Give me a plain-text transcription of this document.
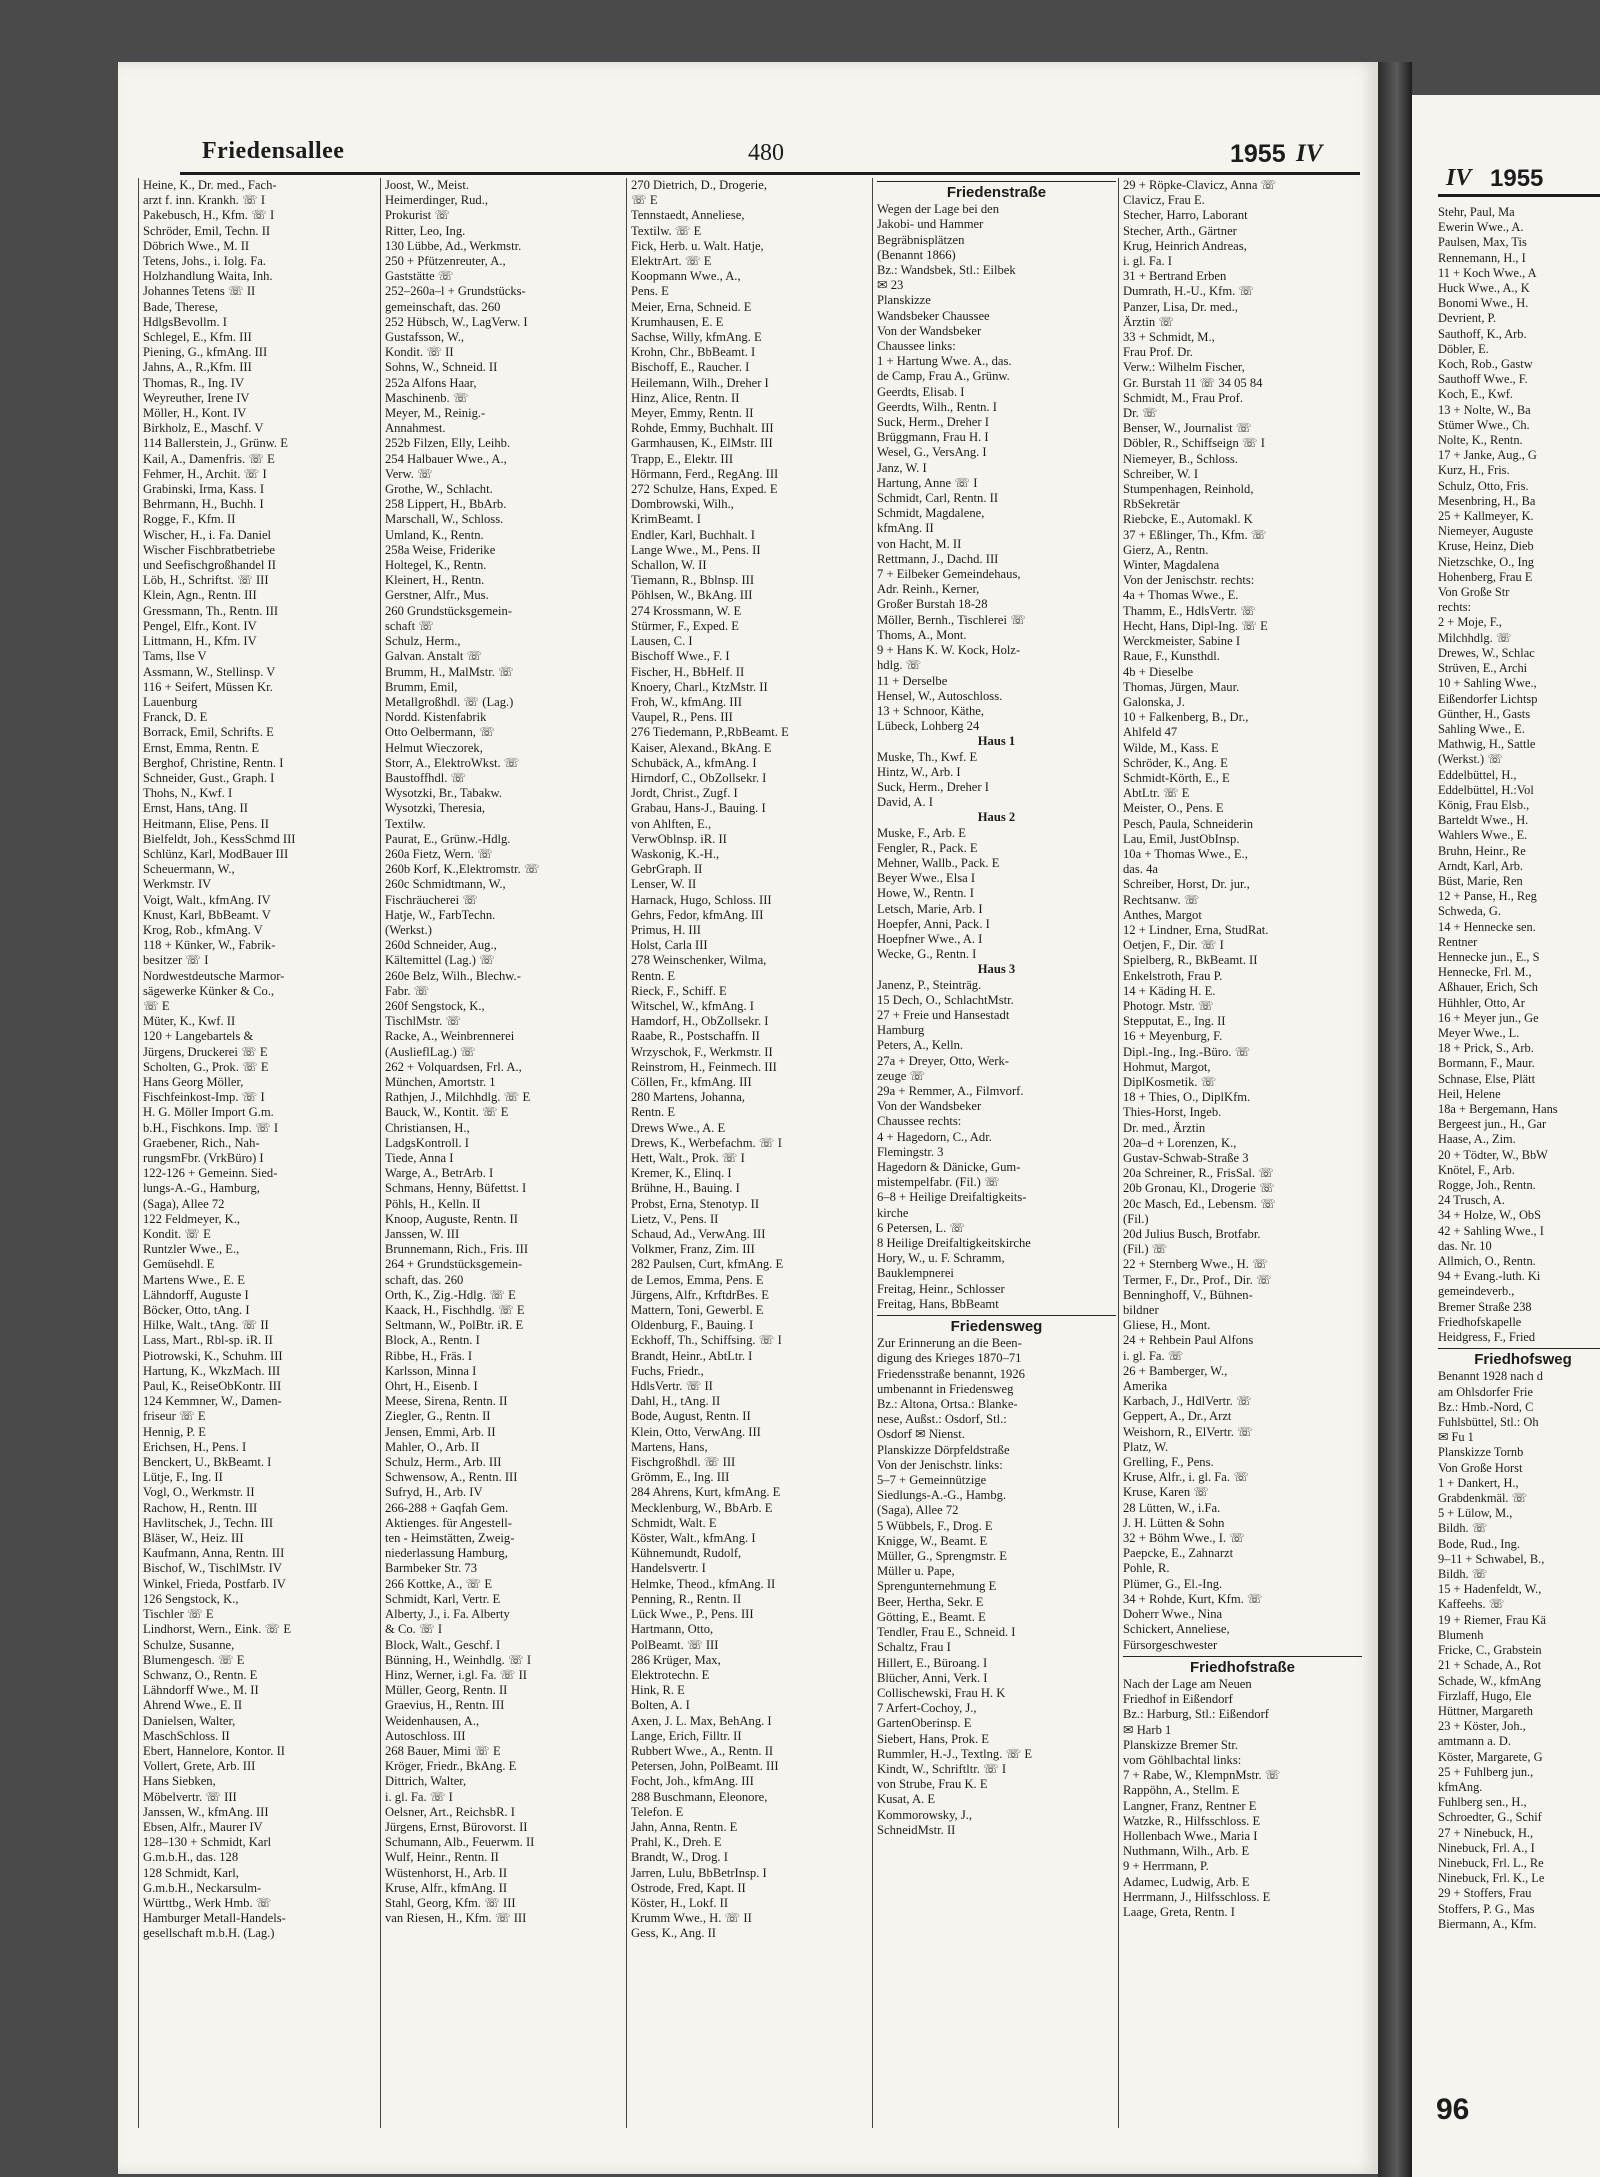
Friedensallee	480	1955 IV
Heine, K., Dr. med., Fach-
arzt f. inn. Krankh. ☏ I
Pakebusch, H., Kfm. ☏ I
Schröder, Emil, Techn. II
Döbrich Wwe., M. II
Tetens, Johs., i. Iolg. Fa.
Holzhandlung Waita, Inh.
Johannes Tetens ☏ II
Bade, Therese,
HdlgsBevollm. I
Schlegel, E., Kfm. III
Piening, G., kfmAng. III
Jahns, A., R.,Kfm. III
Thomas, R., Ing. IV
Weyreuther, Irene IV
Möller, H., Kont. IV
Birkholz, E., Maschf. V
114 Ballerstein, J., Grünw. E
Kail, A., Damenfris. ☏ E
Fehmer, H., Archit. ☏ I
Grabinski, Irma, Kass. I
Behrmann, H., Buchh. I
Rogge, F., Kfm. II
Wischer, H., i. Fa. Daniel
Wischer Fischbratbetriebe
und Seefischgroßhandel II
Löb, H., Schriftst. ☏ III
Klein, Agn., Rentn. III
Gressmann, Th., Rentn. III
Pengel, Elfr., Kont. IV
Littmann, H., Kfm. IV
Tams, Ilse V
Assmann, W., Stellinsp. V
116 + Seifert, Müssen Kr.
Lauenburg
Franck, D. E
Borrack, Emil, Schrifts. E
Ernst, Emma, Rentn. E
Berghof, Christine, Rentn. I
Schneider, Gust., Graph. I
Thohs, N., Kwf. I
Ernst, Hans, tAng. II
Heitmann, Elise, Pens. II
Bielfeldt, Joh., KessSchmd III
Schlünz, Karl, ModBauer III
Scheuermann, W.,
Werkmstr. IV
Voigt, Walt., kfmAng. IV
Knust, Karl, BbBeamt. V
Krog, Rob., kfmAng. V
118 + Künker, W., Fabrik-
besitzer ☏ I
Nordwestdeutsche Marmor-
sägewerke Künker & Co.,
☏ E
Müter, K., Kwf. II
120 + Langebartels &
Jürgens, Druckerei ☏ E
Scholten, G., Prok. ☏ E
Hans Georg Möller,
Fischfeinkost-Imp. ☏ I
H. G. Möller Import G.m.
b.H., Fischkons. Imp. ☏ I
Graebener, Rich., Nah-
rungsmFbr. (VrkBüro) I
122-126 + Gemeinn. Sied-
lungs-A.-G., Hamburg,
(Saga), Allee 72
122 Feldmeyer, K.,
Kondit. ☏ E
Runtzler Wwe., E.,
Gemüsehdl. E
Martens Wwe., E. E
Lähndorff, Auguste I
Böcker, Otto, tAng. I
Hilke, Walt., tAng. ☏ II
Lass, Mart., Rbl-sp. iR. II
Piotrowski, K., Schuhm. III
Hartung, K., WkzMach. III
Paul, K., ReiseObKontr. III
124 Kemmner, W., Damen-
friseur ☏ E
Hennig, P. E
Erichsen, H., Pens. I
Benckert, U., BkBeamt. I
Lütje, F., Ing. II
Vogl, O., Werkmstr. II
Rachow, H., Rentn. III
Havlitschek, J., Techn. III
Bläser, W., Heiz. III
Kaufmann, Anna, Rentn. III
Bischof, W., TischlMstr. IV
Winkel, Frieda, Postfarb. IV
126 Sengstock, K.,
Tischler ☏ E
Lindhorst, Wern., Eink. ☏ E
Schulze, Susanne,
Blumengesch. ☏ E
Schwanz, O., Rentn. E
Lähndorff Wwe., M. II
Ahrend Wwe., E. II
Danielsen, Walter,
MaschSchloss. II
Ebert, Hannelore, Kontor. II
Vollert, Grete, Arb. III
Hans Siebken,
Möbelvertr. ☏ III
Janssen, W., kfmAng. III
Ebsen, Alfr., Maurer IV
128–130 + Schmidt, Karl
G.m.b.H., das. 128
128 Schmidt, Karl,
G.m.b.H., Neckarsulm-
Württbg., Werk Hmb. ☏
Hamburger Metall-Handels-
gesellschaft m.b.H. (Lag.)
Joost, W., Meist.
Heimerdinger, Rud.,
Prokurist ☏
Ritter, Leo, Ing.
130 Lübbe, Ad., Werkmstr.
250 + Pfützenreuter, A.,
Gaststätte ☏
252–260a–l + Grundstücks-
gemeinschaft, das. 260
252 Hübsch, W., LagVerw. I
Gustafsson, W.,
Kondit. ☏ II
Sohns, W., Schneid. II
252a Alfons Haar,
Maschinenb. ☏
Meyer, M., Reinig.-
Annahmest.
252b Filzen, Elly, Leihb.
254 Halbauer Wwe., A.,
Verw. ☏
Grothe, W., Schlacht.
258 Lippert, H., BbArb.
Marschall, W., Schloss.
Umland, K., Rentn.
258a Weise, Friderike
Holtegel, K., Rentn.
Kleinert, H., Rentn.
Gerstner, Alfr., Mus.
260 Grundstücksgemein-
schaft ☏
Schulz, Herm.,
Galvan. Anstalt ☏
Brumm, H., MalMstr. ☏
Brumm, Emil,
Metallgroßhdl. ☏ (Lag.)
Nordd. Kistenfabrik
Otto Oelbermann, ☏
Helmut Wieczorek,
Storr, A., ElektroWkst. ☏
Baustoffhdl. ☏
Wysotzki, Br., Tabakw.
Wysotzki, Theresia,
Textilw.
Paurat, E., Grünw.-Hdlg.
260a Fietz, Wern. ☏
260b Korf, K.,Elektromstr. ☏
260c Schmidtmann, W.,
Fischräucherei ☏
Hatje, W., FarbTechn.
(Werkst.)
260d Schneider, Aug.,
Kältemittel (Lag.) ☏
260e Belz, Wilh., Blechw.-
Fabr. ☏
260f Sengstock, K.,
TischlMstr. ☏
Racke, A., Weinbrennerei
(AuslieflLag.) ☏
262 + Volquardsen, Frl. A.,
München, Amortstr. 1
Rathjen, J., Milchhdlg. ☏ E
Bauck, W., Kontit. ☏ E
Christiansen, H.,
LadgsKontroll. I
Tiede, Anna I
Warge, A., BetrArb. I
Schmans, Henny, Büfettst. I
Pöhls, H., Kelln. II
Knoop, Auguste, Rentn. II
Janssen, W. III
Brunnemann, Rich., Fris. III
264 + Grundstücksgemein-
schaft, das. 260
Orth, K., Zig.-Hdlg. ☏ E
Kaack, H., Fischhdlg. ☏ E
Seltmann, W., PolBtr. iR. E
Block, A., Rentn. I
Ribbe, H., Fräs. I
Karlsson, Minna I
Ohrt, H., Eisenb. I
Meese, Sirena, Rentn. II
Ziegler, G., Rentn. II
Jensen, Emmi, Arb. II
Mahler, O., Arb. II
Schulz, Herm., Arb. III
Schwensow, A., Rentn. III
Sufryd, H., Arb. IV
266-288 + Gaqfah Gem.
Aktienges. für Angestell-
ten - Heimstätten, Zweig-
niederlassung Hamburg,
Barmbeker Str. 73
266 Kottke, A., ☏ E
Schmidt, Karl, Vertr. E
Alberty, J., i. Fa. Alberty
& Co. ☏ I
Block, Walt., Geschf. I
Bünning, H., Weinhdlg. ☏ I
Hinz, Werner, i.gl. Fa. ☏ II
Müller, Georg, Rentn. II
Graevius, H., Rentn. III
Weidenhausen, A.,
Autoschloss. III
268 Bauer, Mimi ☏ E
Kröger, Friedr., BkAng. E
Dittrich, Walter,
i. gl. Fa. ☏ I
Oelsner, Art., ReichsbR. I
Jürgens, Ernst, Bürovorst. II
Schumann, Alb., Feuerwm. II
Wulf, Heinr., Rentn. II
Wüstenhorst, H., Arb. II
Kruse, Alfr., kfmAng. II
Stahl, Georg, Kfm. ☏ III
van Riesen, H., Kfm. ☏ III
270 Dietrich, D., Drogerie,
☏ E
Tennstaedt, Anneliese,
Textilw. ☏ E
Fick, Herb. u. Walt. Hatje,
ElektrArt. ☏ E
Koopmann Wwe., A.,
Pens. E
Meier, Erna, Schneid. E
Krumhausen, E. E
Sachse, Willy, kfmAng. E
Krohn, Chr., BbBeamt. I
Bischoff, E., Raucher. I
Heilemann, Wilh., Dreher I
Hinz, Alice, Rentn. II
Meyer, Emmy, Rentn. II
Rohde, Emmy, Buchhalt. III
Garmhausen, K., ElMstr. III
Trapp, E., Elektr. III
Hörmann, Ferd., RegAng. III
272 Schulze, Hans, Exped. E
Dombrowski, Wilh.,
KrimBeamt. I
Endler, Karl, Buchhalt. I
Lange Wwe., M., Pens. II
Schallon, W. II
Tiemann, R., Bblnsp. III
Pöhlsen, W., BkAng. III
274 Krossmann, W. E
Stürmer, F., Exped. E
Lausen, C. I
Bischoff Wwe., F. I
Fischer, H., BbHelf. II
Knoery, Charl., KtzMstr. II
Froh, W., kfmAng. III
Vaupel, R., Pens. III
276 Tiedemann, P.,RbBeamt. E
Kaiser, Alexand., BkAng. E
Schubäck, A., kfmAng. I
Hirndorf, C., ObZollsekr. I
Jordt, Christ., Zugf. I
Grabau, Hans-J., Bauing. I
von Ahlften, E.,
VerwOblnsp. iR. II
Waskonig, K.-H.,
GebrGraph. II
Lenser, W. II
Harnack, Hugo, Schloss. III
Gehrs, Fedor, kfmAng. III
Primus, H. III
Holst, Carla III
278 Weinschenker, Wilma,
Rentn. E
Rieck, F., Schiff. E
Witschel, W., kfmAng. I
Hamdorf, H., ObZollsekr. I
Raabe, R., Postschaffn. II
Wrzyschok, F., Werkmstr. II
Reinstrom, H., Feinmech. III
Cöllen, Fr., kfmAng. III
280 Martens, Johanna,
Rentn. E
Drews Wwe., A. E
Drews, K., Werbefachm. ☏ I
Hett, Walt., Prok. ☏ I
Kremer, K., Elinq. I
Brühne, H., Bauing. I
Probst, Erna, Stenotyp. II
Lietz, V., Pens. II
Schaud, Ad., VerwAng. III
Volkmer, Franz, Zim. III
282 Paulsen, Curt, kfmAng. E
de Lemos, Emma, Pens. E
Jürgens, Alfr., KrftdrBes. E
Mattern, Toni, Gewerbl. E
Oldenburg, F., Bauing. I
Eckhoff, Th., Schiffsing. ☏ I
Brandt, Heinr., AbtLtr. I
Fuchs, Friedr.,
HdlsVertr. ☏ II
Dahl, H., tAng. II
Bode, August, Rentn. II
Klein, Otto, VerwAng. III
Martens, Hans,
Fischgroßhdl. ☏ III
Grömm, E., Ing. III
284 Ahrens, Kurt, kfmAng. E
Mecklenburg, W., BbArb. E
Schmidt, Walt. E
Köster, Walt., kfmAng. I
Kühnemundt, Rudolf,
Handelsvertr. I
Helmke, Theod., kfmAng. II
Penning, R., Rentn. II
Lück Wwe., P., Pens. III
Hartmann, Otto,
PolBeamt. ☏ III
286 Krüger, Max,
Elektrotechn. E
Hink, R. E
Bolten, A. I
Axen, J. L. Max, BehAng. I
Lange, Erich, Filltr. II
Rubbert Wwe., A., Rentn. II
Petersen, John, PolBeamt. III
Focht, Joh., kfmAng. III
288 Buschmann, Eleonore,
Telefon. E
Jahn, Anna, Rentn. E
Prahl, K., Dreh. E
Brandt, W., Drog. I
Jarren, Lulu, BbBetrInsp. I
Ostrode, Fred, Kapt. II
Köster, H., Lokf. II
Krumm Wwe., H. ☏ II
Gess, K., Ang. II
Friedenstraße
Wegen der Lage bei den
Jakobi- und Hammer
Begräbnisplätzen
(Benannt 1866)
Bz.: Wandsbek, Stl.: Eilbek
✉ 23
Planskizze
Wandsbeker Chaussee
Von der Wandsbeker
Chaussee links:
1 + Hartung Wwe. A., das.
de Camp, Frau A., Grünw.
Geerdts, Elisab. I
Geerdts, Wilh., Rentn. I
Suck, Herm., Dreher I
Brüggmann, Frau H. I
Wesel, G., VersAng. I
Janz, W. I
Hartung, Anne ☏ I
Schmidt, Carl, Rentn. II
Schmidt, Magdalene,
kfmAng. II
von Hacht, M. II
Rettmann, J., Dachd. III
7 + Eilbeker Gemeindehaus,
Adr. Reinh., Kerner,
Großer Burstah 18-28
Möller, Bernh., Tischlerei ☏
Thoms, A., Mont.
9 + Hans K. W. Kock, Holz-
hdlg. ☏
11 + Derselbe
Hensel, W., Autoschloss.
13 + Schnoor, Käthe,
Lübeck, Lohberg 24
Haus 1
Muske, Th., Kwf. E
Hintz, W., Arb. I
Suck, Herm., Dreher I
David, A. I
Haus 2
Muske, F., Arb. E
Fengler, R., Pack. E
Mehner, Wallb., Pack. E
Beyer Wwe., Elsa I
Howe, W., Rentn. I
Letsch, Marie, Arb. I
Hoepfer, Anni, Pack. I
Hoepfner Wwe., A. I
Wecke, G., Rentn. I
Haus 3
Janenz, P., Steinträg.
15 Dech, O., SchlachtMstr.
27 + Freie und Hansestadt
Hamburg
Peters, A., Kelln.
27a + Dreyer, Otto, Werk-
zeuge ☏
29a + Remmer, A., Filmvorf.
Von der Wandsbeker
Chaussee rechts:
4 + Hagedorn, C., Adr.
Flemingstr. 3
Hagedorn & Dänicke, Gum-
mistempelfabr. (Fil.) ☏
6–8 + Heilige Dreifaltigkeits-
kirche
6 Petersen, L. ☏
8 Heilige Dreifaltigkeitskirche
Hory, W., u. F. Schramm,
Bauklempnerei
Freitag, Heinr., Schlosser
Freitag, Hans, BbBeamt
Friedensweg
Zur Erinnerung an die Been-
digung des Krieges 1870–71
Friedensstraße benannt, 1926
umbenannt in Friedensweg
Bz.: Altona, Ortsa.: Blanke-
nese, Außst.: Osdorf, Stl.:
Osdorf ✉ Nienst.
Planskizze Dörpfeldstraße
Von der Jenischstr. links:
5–7 + Gemeinnützige
Siedlungs-A.-G., Hambg.
(Saga), Allee 72
5 Wübbels, F., Drog. E
Knigge, W., Beamt. E
Müller, G., Sprengmstr. E
Müller u. Pape,
Sprengunternehmung E
Beer, Hertha, Sekr. E
Götting, E., Beamt. E
Tendler, Frau E., Schneid. I
Schaltz, Frau I
Hillert, E., Büroang. I
Blücher, Anni, Verk. I
Collischewski, Frau H. K
7 Arfert-Cochoy, J.,
GartenOberinsp. E
Siebert, Hans, Prok. E
Rummler, H.-J., Textlng. ☏ E
Kindt, W., Schriftltr. ☏ I
von Strube, Frau K. E
Kusat, A. E
Kommorowsky, J.,
SchneidMstr. II
29 + Röpke-Clavicz, Anna ☏
Clavicz, Frau E.
Stecher, Harro, Laborant
Stecher, Arth., Gärtner
Krug, Heinrich Andreas,
i. gl. Fa. I
31 + Bertrand Erben
Dumrath, H.-U., Kfm. ☏
Panzer, Lisa, Dr. med.,
Ärztin ☏
33 + Schmidt, M.,
Frau Prof. Dr.
Verw.: Wilhelm Fischer,
Gr. Burstah 11 ☏ 34 05 84
Schmidt, M., Frau Prof.
Dr. ☏
Benser, W., Journalist ☏
Döbler, R., Schiffseign ☏ I
Niemeyer, B., Schloss.
Schreiber, W. I
Stumpenhagen, Reinhold,
RbSekretär
Riebcke, E., Automakl. K
37 + Eßlinger, Th., Kfm. ☏
Gierz, A., Rentn.
Winter, Magdalena
Von der Jenischstr. rechts:
4a + Thomas Wwe., E.
Thamm, E., HdlsVertr. ☏
Hecht, Hans, Dipl-Ing. ☏ E
Werckmeister, Sabine I
Raue, F., Kunsthdl.
4b + Dieselbe
Thomas, Jürgen, Maur.
Galonska, J.
10 + Falkenberg, B., Dr.,
Ahlfeld 47
Wilde, M., Kass. E
Schröder, K., Ang. E
Schmidt-Körth, E., E
AbtLtr. ☏ E
Meister, O., Pens. E
Pesch, Paula, Schneiderin
Lau, Emil, JustObInsp.
10a + Thomas Wwe., E.,
das. 4a
Schreiber, Horst, Dr. jur.,
Rechtsanw. ☏
Anthes, Margot
12 + Lindner, Erna, StudRat.
Oetjen, F., Dir. ☏ I
Spielberg, R., BkBeamt. II
Enkelstroth, Frau P.
14 + Käding H. E.
Photogr. Mstr. ☏
Stepputat, E., Ing. II
16 + Meyenburg, F.
Dipl.-Ing., Ing.-Büro. ☏
Hohmut, Margot,
DiplKosmetik. ☏
18 + Thies, O., DiplKfm.
Thies-Horst, Ingeb.
Dr. med., Ärztin
20a–d + Lorenzen, K.,
Gustav-Schwab-Straße 3
20a Schreiner, R., FrisSal. ☏
20b Gronau, Kl., Drogerie ☏
20c Masch, Ed., Lebensm. ☏
(Fil.)
20d Julius Busch, Brotfabr.
(Fil.) ☏
22 + Sternberg Wwe., H. ☏
Termer, F., Dr., Prof., Dir. ☏
Benninghoff, V., Bühnen-
bildner
Gliese, H., Mont.
24 + Rehbein Paul Alfons
i. gl. Fa. ☏
26 + Bamberger, W.,
Amerika
Karbach, J., HdlVertr. ☏
Geppert, A., Dr., Arzt
Weishorn, R., ElVertr. ☏
Platz, W.
Grelling, F., Pens.
Kruse, Alfr., i. gl. Fa. ☏
Kruse, Karen ☏
28 Lütten, W., i.Fa.
J. H. Lütten & Sohn
32 + Böhm Wwe., I. ☏
Paepcke, E., Zahnarzt
Pohle, R.
Plümer, G., El.-Ing.
34 + Rohde, Kurt, Kfm. ☏
Doherr Wwe., Nina
Schickert, Anneliese,
Fürsorgeschwester
Friedhofstraße
Nach der Lage am Neuen
Friedhof in Eißendorf
Bz.: Harburg, Stl.: Eißendorf
✉ Harb 1
Planskizze Bremer Str.
vom Göhlbachtal links:
7 + Rabe, W., KlempnMstr. ☏
Rappöhn, A., Stellm. E
Langner, Franz, Rentner E
Watzke, R., Hilfsschloss. E
Hollenbach Wwe., Maria I
Nuthmann, Wilh., Arb. E
9 + Herrmann, P.
Adamec, Ludwig, Arb. E
Herrmann, J., Hilfsschloss. E
Laage, Greta, Rentn. I
IV 1955
Stehr, Paul, Ma
Ewerin Wwe., A.
Paulsen, Max, Tis
Rennemann, H., I
11 + Koch Wwe., A
Huck Wwe., A., K
Bonomi Wwe., H.
Devrient, P.
Sauthoff, K., Arb.
Döbler, E.
Koch, Rob., Gastw
Sauthoff Wwe., F.
Koch, E., Kwf.
13 + Nolte, W., Ba
Stümer Wwe., Ch.
Nolte, K., Rentn.
17 + Janke, Aug., G
Kurz, H., Fris.
Schulz, Otto, Fris.
Mesenbring, H., Ba
25 + Kallmeyer, K.
Niemeyer, Auguste
Kruse, Heinz, Dieb
Nietzschke, O., Ing
Hohenberg, Frau E
Von Große Str
rechts:
2 + Moje, F.,
Milchhdlg. ☏
Drewes, W., Schlac
Strüven, E., Archi
10 + Sahling Wwe.,
Eißendorfer Lichtsp
Günther, H., Gasts
Sahling Wwe., E.
Mathwig, H., Sattle
(Werkst.) ☏
Eddelbüttel, H.,
Eddelbüttel, H.:Vol
König, Frau Elsb.,
Barteldt Wwe., H.
Wahlers Wwe., E.
Bruhn, Heinr., Re
Arndt, Karl, Arb.
Büst, Marie, Ren
12 + Panse, H., Reg
Schweda, G.
14 + Hennecke sen.
Rentner
Hennecke jun., E., S
Hennecke, Frl. M.,
Aßhauer, Erich, Sch
Hühhler, Otto, Ar
16 + Meyer jun., Ge
Meyer Wwe., L.
18 + Prick, S., Arb.
Bormann, F., Maur.
Schnase, Else, Plätt
Heil, Helene
18a + Bergemann, Hans
Bergeest jun., H., Gar
Haase, A., Zim.
20 + Tödter, W., BbW
Knötel, F., Arb.
Rogge, Joh., Rentn.
24 Trusch, A.
34 + Holze, W., ObS
42 + Sahling Wwe., I
das. Nr. 10
Allmich, O., Rentn.
94 + Evang.-luth. Ki
gemeindeverb.,
Bremer Straße 238
Friedhofskapelle
Heidgress, F., Fried
Friedhofsweg
Benannt 1928 nach d
am Ohlsdorfer Frie
Bz.: Hmb.-Nord, C
Fuhlsbüttel, Stl.: Oh
✉ Fu 1
Planskizze Tornb
Von Große Horst
1 + Dankert, H.,
Grabdenkmäl. ☏
5 + Lülow, M.,
Bildh. ☏
Bode, Rud., Ing.
9–11 + Schwabel, B.,
Bildh. ☏
15 + Hadenfeldt, W.,
Kaffeehs. ☏
19 + Riemer, Frau Kä
Blumenh
Fricke, C., Grabstein
21 + Schade, A., Rot
Schade, W., kfmAng
Firzlaff, Hugo, Ele
Hüttner, Margareth
23 + Köster, Joh.,
amtmann a. D.
Köster, Margarete, G
25 + Fuhlberg jun.,
kfmAng.
Fuhlberg sen., H.,
Schroedter, G., Schif
27 + Ninebuck, H.,
Ninebuck, Frl. A., I
Ninebuck, Frl. L., Re
Ninebuck, Frl. K., Le
29 + Stoffers, Frau
Stoffers, P. G., Mas
Biermann, A., Kfm.
96
